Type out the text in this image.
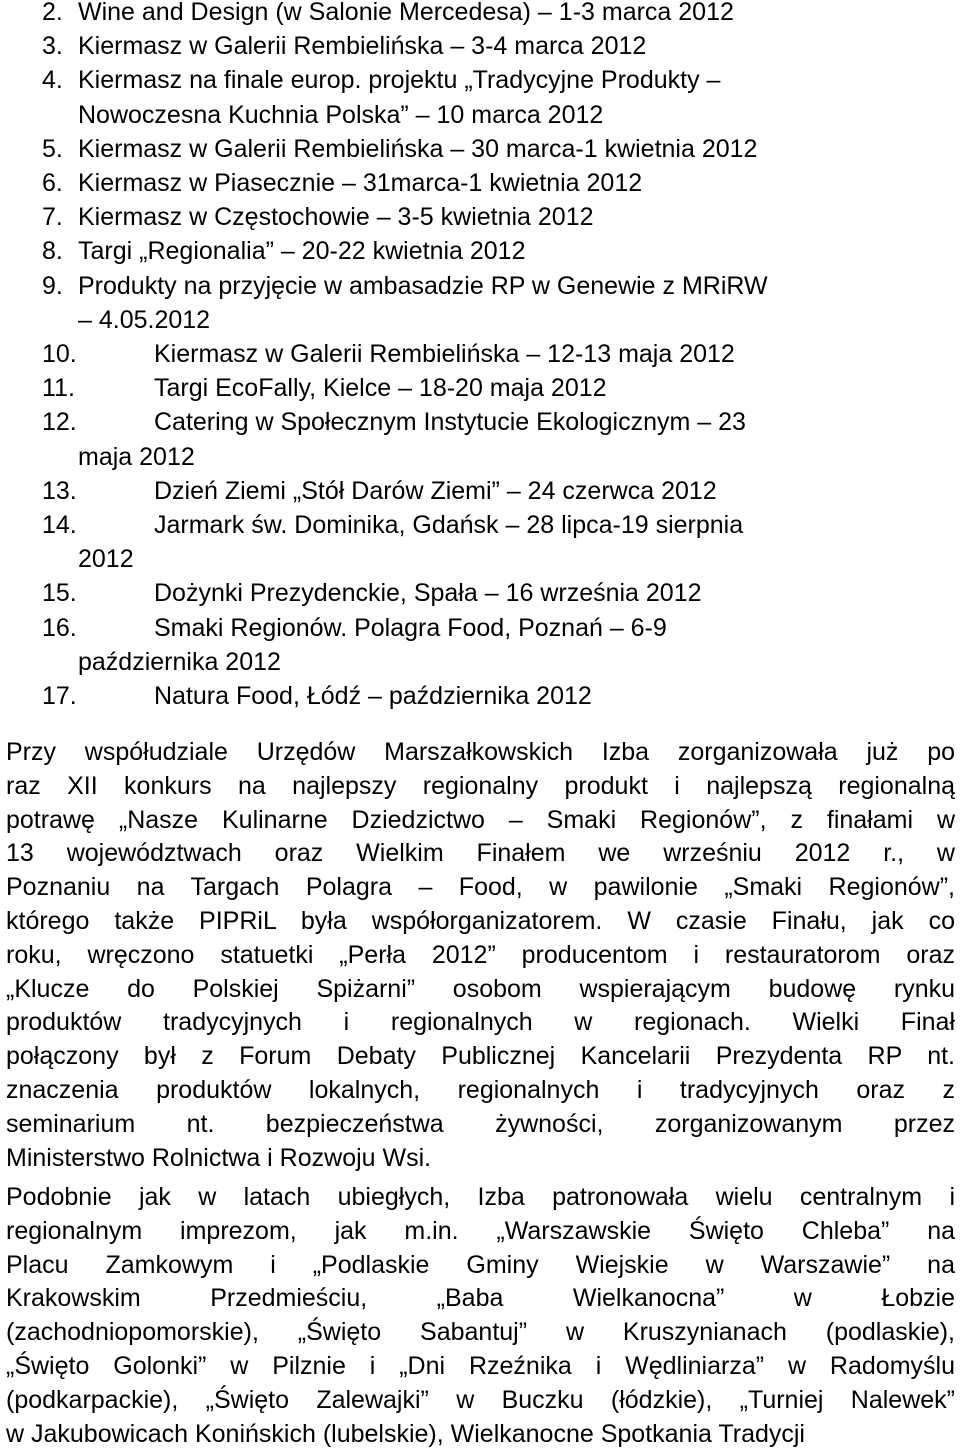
2. Wine and Design (w Salonie Mercedesa) – 1-3 marca 2012
3. Kiermasz w Galerii Rembielińska – 3-4 marca 2012
4. Kiermasz na finale europ. projektu „Tradycyjne Produkty –
Nowoczesna Kuchnia Polska” – 10 marca 2012
5. Kiermasz w Galerii Rembielińska – 30 marca-1 kwietnia 2012
6. Kiermasz w Piasecznie – 31marca-1 kwietnia 2012
7. Kiermasz w Częstochowie – 3-5 kwietnia 2012
8. Targi „Regionalia” – 20-22 kwietnia 2012
9. Produkty na przyjęcie w ambasadzie RP w Genewie z MRiRW
– 4.05.2012
10.	Kiermasz w Galerii Rembielińska – 12-13 maja 2012
11.	Targi EcoFally, Kielce – 18-20 maja 2012
12.	Catering w Społecznym Instytucie Ekologicznym – 23
maja 2012
13.	Dzień Ziemi „Stół Darów Ziemi” – 24 czerwca 2012
14.	Jarmark św. Dominika, Gdańsk – 28 lipca-19 sierpnia
2012
15.	Dożynki Prezydenckie, Spała – 16 września 2012
16.	Smaki Regionów. Polagra Food, Poznań – 6-9
października 2012
17.	Natura Food, Łódź – października 2012
Przy współudziale Urzędów Marszałkowskich Izba zorganizowała już po
raz XII konkurs na najlepszy regionalny produkt i najlepszą regionalną
potrawę „Nasze Kulinarne Dziedzictwo – Smaki Regionów”, z finałami w
13 województwach oraz Wielkim Finałem we wrześniu 2012 r., w
Poznaniu na Targach Polagra – Food, w pawilonie „Smaki Regionów”,
którego także PIPRiL była współorganizatorem. W czasie Finału, jak co
roku, wręczono statuetki „Perła 2012” producentom i restauratorom oraz
„Klucze do Polskiej Spiżarni” osobom wspierającym budowę rynku
produktów tradycyjnych i regionalnych w regionach. Wielki Finał
połączony był z Forum Debaty Publicznej Kancelarii Prezydenta RP nt.
znaczenia produktów lokalnych, regionalnych i tradycyjnych oraz z
seminarium nt. bezpieczeństwa żywności, zorganizowanym przez
Ministerstwo Rolnictwa i Rozwoju Wsi.
Podobnie jak w latach ubiegłych, Izba patronowała wielu centralnym i
regionalnym imprezom, jak m.in. „Warszawskie Święto Chleba” na
Placu Zamkowym i „Podlaskie Gminy Wiejskie w Warszawie” na
Krakowskim Przedmieściu, „Baba Wielkanocna” w Łobzie
(zachodniopomorskie), „Święto Sabantuj” w Kruszynianach (podlaskie),
„Święto Golonki” w Pilznie i „Dni Rzeźnika i Wędliniarza” w Radomyślu
(podkarpackie), „Święto Zalewajki” w Buczku (łódzkie), „Turniej Nalewek”
w Jakubowicach Konińskich (lubelskie), Wielkanocne Spotkania Tradycji
